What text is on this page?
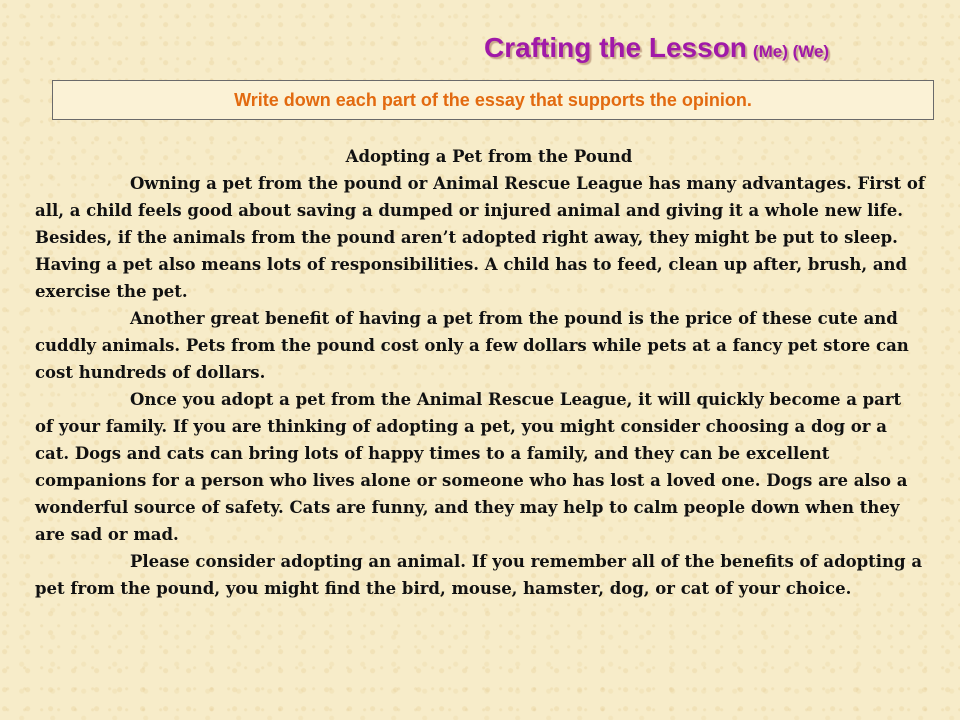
Crafting the Lesson (Me) (We)
Write down each part of the essay that supports the opinion.
Adopting a Pet from the Pound

Owning a pet from the pound or Animal Rescue League has many advantages. First of all, a child feels good about saving a dumped or injured animal and giving it a whole new life. Besides, if the animals from the pound aren’t adopted right away, they might be put to sleep. Having a pet also means lots of responsibilities. A child has to feed, clean up after, brush, and exercise the pet.

Another great benefit of having a pet from the pound is the price of these cute and cuddly animals. Pets from the pound cost only a few dollars while pets at a fancy pet store can cost hundreds of dollars.

Once you adopt a pet from the Animal Rescue League, it will quickly become a part of your family. If you are thinking of adopting a pet, you might consider choosing a dog or a cat. Dogs and cats can bring lots of happy times to a family, and they can be excellent companions for a person who lives alone or someone who has lost a loved one. Dogs are also a wonderful source of safety. Cats are funny, and they may help to calm people down when they are sad or mad.

Please consider adopting an animal. If you remember all of the benefits of adopting a pet from the pound, you might find the bird, mouse, hamster, dog, or cat of your choice.
